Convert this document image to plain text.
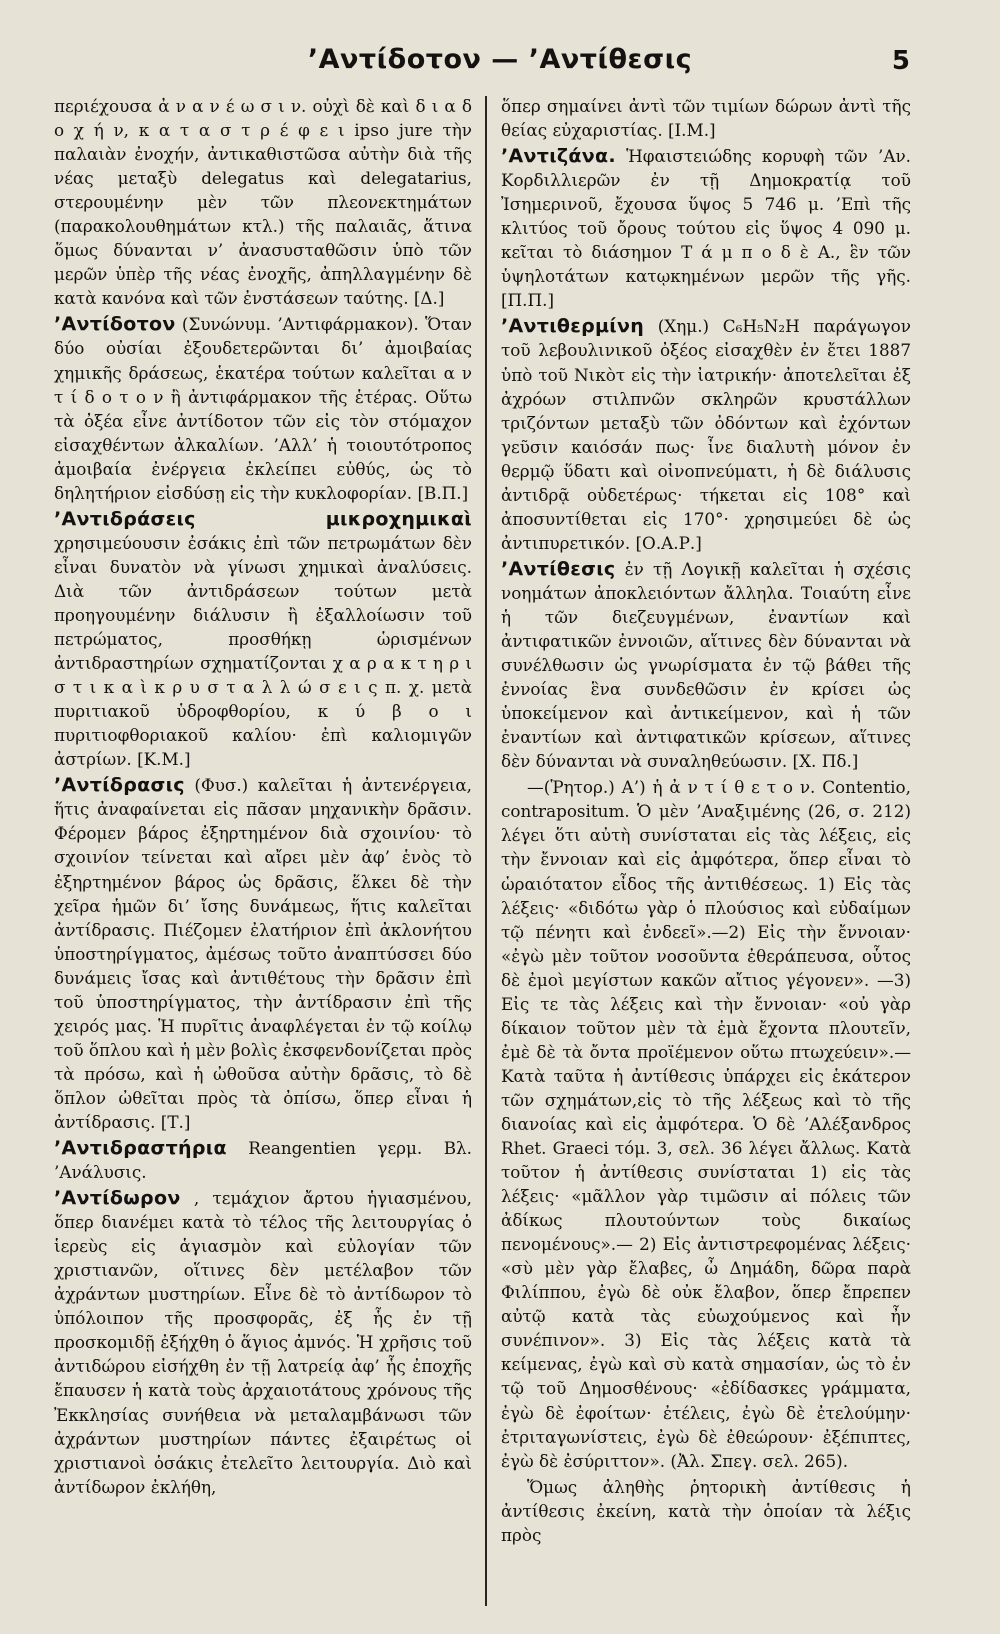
’Αντίδοτον — ’Αντίθεσις	5

περιέχουσα ἀ ν α ν έ ω σ ι ν. οὐχὶ δὲ καὶ δ ι α δ ο χ ή ν, κ α τ α σ τ ρ έ φ ε ι ipso jure τὴν παλαιὰν ἐνοχήν, ἀντικαθιστῶσα αὐτὴν διὰ τῆς νέας μεταξὺ delegatus καὶ delegatarius, στερουμένην μὲν τῶν πλεονεκτημάτων (παρακολουθημάτων κτλ.) τῆς παλαιᾶς, ἅτινα ὅμως δύνανται ν’ ἀνασυσταθῶσιν ὑπὸ τῶν μερῶν ὑπὲρ τῆς νέας ἐνοχῆς, ἀπηλλαγμένην δὲ κατὰ κανόνα καὶ τῶν ἐνστάσεων ταύτης. [Δ.]

’Αντίδοτον (Συνώνυμ. ’Αντιφάρμακον). Ὅταν δύο οὐσίαι ἐξουδετερῶνται δι’ ἀμοιβαίας χημικῆς δράσεως, ἑκατέρα τούτων καλεῖται α ν τ ί δ ο τ ο ν ἢ ἀντιφάρμακον τῆς ἑτέρας. Οὕτω τὰ ὀξέα εἶνε ἀντίδοτον τῶν εἰς τὸν στόμαχον εἰσαχθέντων ἀλκαλίων. ’Αλλ’ ἡ τοιουτότροπος ἀμοιβαία ἐνέργεια ἐκλείπει εὐθύς, ὡς τὸ δηλητήριον εἰσδύσῃ εἰς τὴν κυκλοφορίαν. [Β.Π.]

’Αντιδράσεις μικροχημικαὶ χρησιμεύουσιν ἐσάκις ἐπὶ τῶν πετρωμάτων δὲν εἶναι δυνατὸν νὰ γίνωσι χημικαὶ ἀναλύσεις. Διὰ τῶν ἀντιδράσεων τούτων μετὰ προηγουμένην διάλυσιν ἢ ἐξαλλοίωσιν τοῦ πετρώματος, προσθήκῃ ὡρισμένων ἀντιδραστηρίων σχηματίζονται χ α ρ α κ τ η ρ ι σ τ ι κ α ὶ κ ρ υ σ τ α λ λ ώ σ ε ι ς π. χ. μετὰ πυριτιακοῦ ὑδροφθορίου, κ ύ β ο ι πυριτιοφθοριακοῦ καλίου· ἐπὶ καλιομιγῶν ἀστρίων. [Κ.Μ.]

’Αντίδρασις (Φυσ.) καλεῖται ἡ ἀντενέργεια, ἥτις ἀναφαίνεται εἰς πᾶσαν μηχανικὴν δρᾶσιν. Φέρομεν βάρος ἐξηρτημένον διὰ σχοινίου· τὸ σχοινίον τείνεται καὶ αἴρει μὲν ἀφ’ ἑνὸς τὸ ἐξηρτημένον βάρος ὡς δρᾶσις, ἕλκει δὲ τὴν χεῖρα ἡμῶν δι’ ἴσης δυνάμεως, ἥτις καλεῖται ἀντίδρασις. Πιέζομεν ἐλατήριον ἐπὶ ἀκλονήτου ὑποστηρίγματος, ἀμέσως τοῦτο ἀναπτύσσει δύο δυνάμεις ἴσας καὶ ἀντιθέτους τὴν δρᾶσιν ἐπὶ τοῦ ὑποστηρίγματος, τὴν ἀντίδρασιν ἐπὶ τῆς χειρός μας. Ἡ πυρῖτις ἀναφλέγεται ἐν τῷ κοίλῳ τοῦ ὅπλου καὶ ἡ μὲν βολὶς ἐκσφενδονίζεται πρὸς τὰ πρόσω, καὶ ἡ ὠθοῦσα αὐτὴν δρᾶσις, τὸ δὲ ὅπλον ὠθεῖται πρὸς τὰ ὀπίσω, ὅπερ εἶναι ἡ ἀντίδρασις. [Τ.]

’Αντιδραστήρια Reangentien γερμ. Βλ. ’Ανάλυσις.

’Αντίδωρον , τεμάχιον ἄρτου ἡγιασμένου, ὅπερ διανέμει κατὰ τὸ τέλος τῆς λειτουργίας ὁ ἱερεὺς εἰς ἁγιασμὸν καὶ εὐλογίαν τῶν χριστιανῶν, οἵτινες δὲν μετέλαβον τῶν ἀχράντων μυστηρίων. Εἶνε δὲ τὸ ἀντίδωρον τὸ ὑπόλοιπον τῆς προσφορᾶς, ἐξ ἧς ἐν τῇ προσκομιδῇ ἐξήχθη ὁ ἅγιος ἀμνός. Ἡ χρῆσις τοῦ ἀντιδώρου εἰσήχθη ἐν τῇ λατρείᾳ ἀφ’ ἧς ἐποχῆς ἔπαυσεν ἡ κατὰ τοὺς ἀρχαιοτάτους χρόνους τῆς Ἐκκλησίας συνήθεια νὰ μεταλαμβάνωσι τῶν ἀχράντων μυστηρίων πάντες ἐξαιρέτως οἱ χριστιανοὶ ὁσάκις ἐτελεῖτο λειτουργία. Διὸ καὶ ἀντίδωρον ἐκλήθη,

ὅπερ σημαίνει ἀντὶ τῶν τιμίων δώρων ἀντὶ τῆς θείας εὐχαριστίας. [Ι.Μ.]

’Αντιζάνα. Ἡφαιστειώδης κορυφὴ τῶν ’Αν. Κορδιλλιερῶν ἐν τῇ Δημοκρατίᾳ τοῦ Ἰσημερινοῦ, ἔχουσα ὕψος 5 746 μ. ’Επὶ τῆς κλιτύος τοῦ ὄρους τούτου εἰς ὕψος 4 090 μ. κεῖται τὸ διάσημον Τ ά μ π ο δ ὲ Α., ἓν τῶν ὑψηλοτάτων κατῳκημένων μερῶν τῆς γῆς. [Π.Π.]

’Αντιθερμίνη (Χημ.) C₆H₅N₂H παράγωγον τοῦ λεβουλινικοῦ ὀξέος εἰσαχθὲν ἐν ἔτει 1887 ὑπὸ τοῦ Νικὸτ εἰς τὴν ἰατρικήν· ἀποτελεῖται ἐξ ἀχρόων στιλπνῶν σκληρῶν κρυστάλλων τριζόντων μεταξὺ τῶν ὀδόντων καὶ ἐχόντων γεῦσιν καιόσάν πως· ἶνε διαλυτὴ μόνον ἐν θερμῷ ὕδατι καὶ οἰνοπνεύματι, ἡ δὲ διάλυσις ἀντιδρᾷ οὐδετέρως· τήκεται εἰς 108° καὶ ἀποσυντίθεται εἰς 170°· χρησιμεύει δὲ ὡς ἀντιπυρετικόν. [Ο.Α.Ρ.]

’Αντίθεσις ἐν τῇ Λογικῇ καλεῖται ἡ σχέσις νοημάτων ἀποκλειόντων ἄλληλα. Τοιαύτη εἶνε ἡ τῶν διεζευγμένων, ἐναντίων καὶ ἀντιφατικῶν ἐννοιῶν, αἵτινες δὲν δύνανται νὰ συνέλθωσιν ὡς γνωρίσματα ἐν τῷ βάθει τῆς ἐννοίας ἓνα συνδεθῶσιν ἐν κρίσει ὡς ὑποκείμενον καὶ ἀντικείμενον, καὶ ἡ τῶν ἐναντίων καὶ ἀντιφατικῶν κρίσεων, αἵτινες δὲν δύνανται νὰ συναληθεύωσιν. [Χ. Πδ.]

—(Ῥητορ.) Α’) ἡ ἀ ν τ ί θ ε τ ο ν. Contentio, contrapositum. Ὁ μὲν ’Αναξιμένης (26, σ. 212) λέγει ὅτι αὐτὴ συνίσταται εἰς τὰς λέξεις, εἰς τὴν ἔννοιαν καὶ εἰς ἀμφότερα, ὅπερ εἶναι τὸ ὡραιότατον εἶδος τῆς ἀντιθέσεως. 1) Εἰς τὰς λέξεις· «διδότω γὰρ ὁ πλούσιος καὶ εὐδαίμων τῷ πένητι καὶ ἐνδεεῖ».—2) Εἰς τὴν ἔννοιαν· «ἐγὼ μὲν τοῦτον νοσοῦντα ἐθεράπευσα, οὗτος δὲ ἐμοὶ μεγίστων κακῶν αἴτιος γέγονεν». —3) Εἰς τε τὰς λέξεις καὶ τὴν ἔννοιαν· «οὐ γὰρ δίκαιον τοῦτον μὲν τὰ ἐμὰ ἔχοντα πλουτεῖν, ἐμὲ δὲ τὰ ὄντα προϊέμενον οὕτω πτωχεύειν».—Κατὰ ταῦτα ἡ ἀντίθεσις ὑπάρχει εἰς ἑκάτερον τῶν σχημάτων,εἰς τὸ τῆς λέξεως καὶ τὸ τῆς διανοίας καὶ εἰς ἀμφότερα. Ὁ δὲ ’Αλέξανδρος Rhet. Graeci τόμ. 3, σελ. 36 λέγει ἄλλως. Κατὰ τοῦτον ἡ ἀντίθεσις συνίσταται 1) εἰς τὰς λέξεις· «μᾶλλον γὰρ τιμῶσιν αἱ πόλεις τῶν ἀδίκως πλουτούντων τοὺς δικαίως πενομένους».— 2) Εἰς ἀντιστρεφομένας λέξεις· «σὺ μὲν γὰρ ἔλαβες, ὦ Δημάδη, δῶρα παρὰ Φιλίππου, ἐγὼ δὲ οὐκ ἔλαβον, ὅπερ ἔπρεπεν αὐτῷ κατὰ τὰς εὐωχούμενος καὶ ἦν συνέπινον». 3) Εἰς τὰς λέξεις κατὰ τὰ κείμενας, ἐγὼ καὶ σὺ κατὰ σημασίαν, ὡς τὸ ἐν τῷ τοῦ Δημοσθένους· «ἐδίδασκες γράμματα, ἐγὼ δὲ ἐφοίτων· ἐτέλεις, ἐγὼ δὲ ἐτελούμην· ἐτριταγωνίστεις, ἐγὼ δὲ ἐθεώρουν· ἐξέπιπτες, ἐγὼ δὲ ἐσύριττον». (Ἀλ. Σπεγ. σελ. 265).

Ὅμως ἀληθὴς ῥητορικὴ ἀντίθεσις ἡ ἀντίθεσις ἐκείνη, κατὰ τὴν ὁποίαν τὰ λέξις πρὸς
